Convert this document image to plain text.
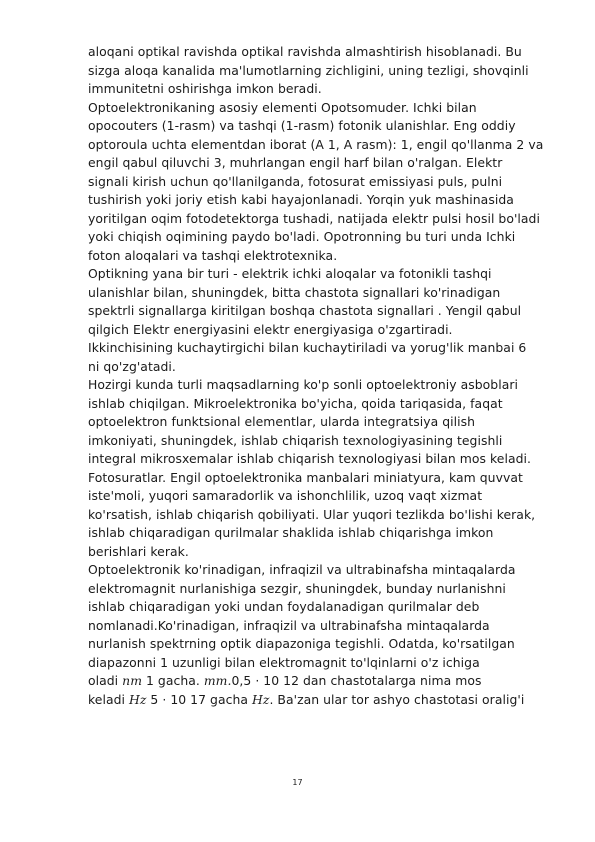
aloqani optikal ravishda optikal ravishda almashtirish hisoblanadi. Bu
sizga aloqa kanalida ma'lumotlarning zichligini, uning tezligi, shovqinli
immunitetni oshirishga imkon beradi.
Optoelektronikaning asosiy elementi Opotsomuder. Ichki bilan
opocouters (1-rasm) va tashqi (1-rasm) fotonik ulanishlar. Eng oddiy
optoroula uchta elementdan iborat (A 1, A rasm): 1, engil qo'llanma 2 va
engil qabul qiluvchi 3, muhrlangan engil harf bilan o'ralgan. Elektr
signali kirish uchun qo'llanilganda, fotosurat emissiyasi puls, pulni
tushirish yoki joriy etish kabi hayajonlanadi. Yorqin yuk mashinasida
yoritilgan oqim fotodetektorga tushadi, natijada elektr pulsi hosil bo'ladi
yoki chiqish oqimining paydo bo'ladi. Opotronning bu turi unda Ichki
foton aloqalari va tashqi elektrotexnika.
Optikning yana bir turi - elektrik ichki aloqalar va fotonikli tashqi
ulanishlar bilan, shuningdek, bitta chastota signallari ko'rinadigan
spektrli signallarga kiritilgan boshqa chastota signallari . Yengil qabul
qilgich Elektr energiyasini elektr energiyasiga o'zgartiradi.
Ikkinchisining kuchaytirgichi bilan kuchaytiriladi va yorug'lik manbai 6
ni qo'zg'atadi.
Hozirgi kunda turli maqsadlarning ko'p sonli optoelektroniy asboblari
ishlab chiqilgan. Mikroelektronika bo'yicha, qoida tariqasida, faqat
optoelektron funktsional elementlar, ularda integratsiya qilish
imkoniyati, shuningdek, ishlab chiqarish texnologiyasining tegishli
integral mikrosxemalar ishlab chiqarish texnologiyasi bilan mos keladi.
Fotosuratlar. Engil optoelektronika manbalari miniatyura, kam quvvat
iste'moli, yuqori samaradorlik va ishonchlilik, uzoq vaqt xizmat
ko'rsatish, ishlab chiqarish qobiliyati. Ular yuqori tezlikda bo'lishi kerak,
ishlab chiqaradigan qurilmalar shaklida ishlab chiqarishga imkon
berishlari kerak.
Optoelektronik ko'rinadigan, infraqizil va ultrabinafsha mintaqalarda
elektromagnit nurlanishiga sezgir, shuningdek, bunday nurlanishni
ishlab chiqaradigan yoki undan foydalanadigan qurilmalar deb
nomlanadi.Ko'rinadigan, infraqizil va ultrabinafsha mintaqalarda
nurlanish spektrning optik diapazoniga tegishli. Odatda, ko'rsatilgan
diapazonni 1 uzunligi bilan elektromagnit to'lqinlarni o'z ichiga
oladi nm 1 gacha. mm.0,5 · 10 12 dan chastotalarga nima mos
keladi Hz 5 · 10 17 gacha Hz. Ba'zan ular tor ashyo chastotasi oralig'i
17
